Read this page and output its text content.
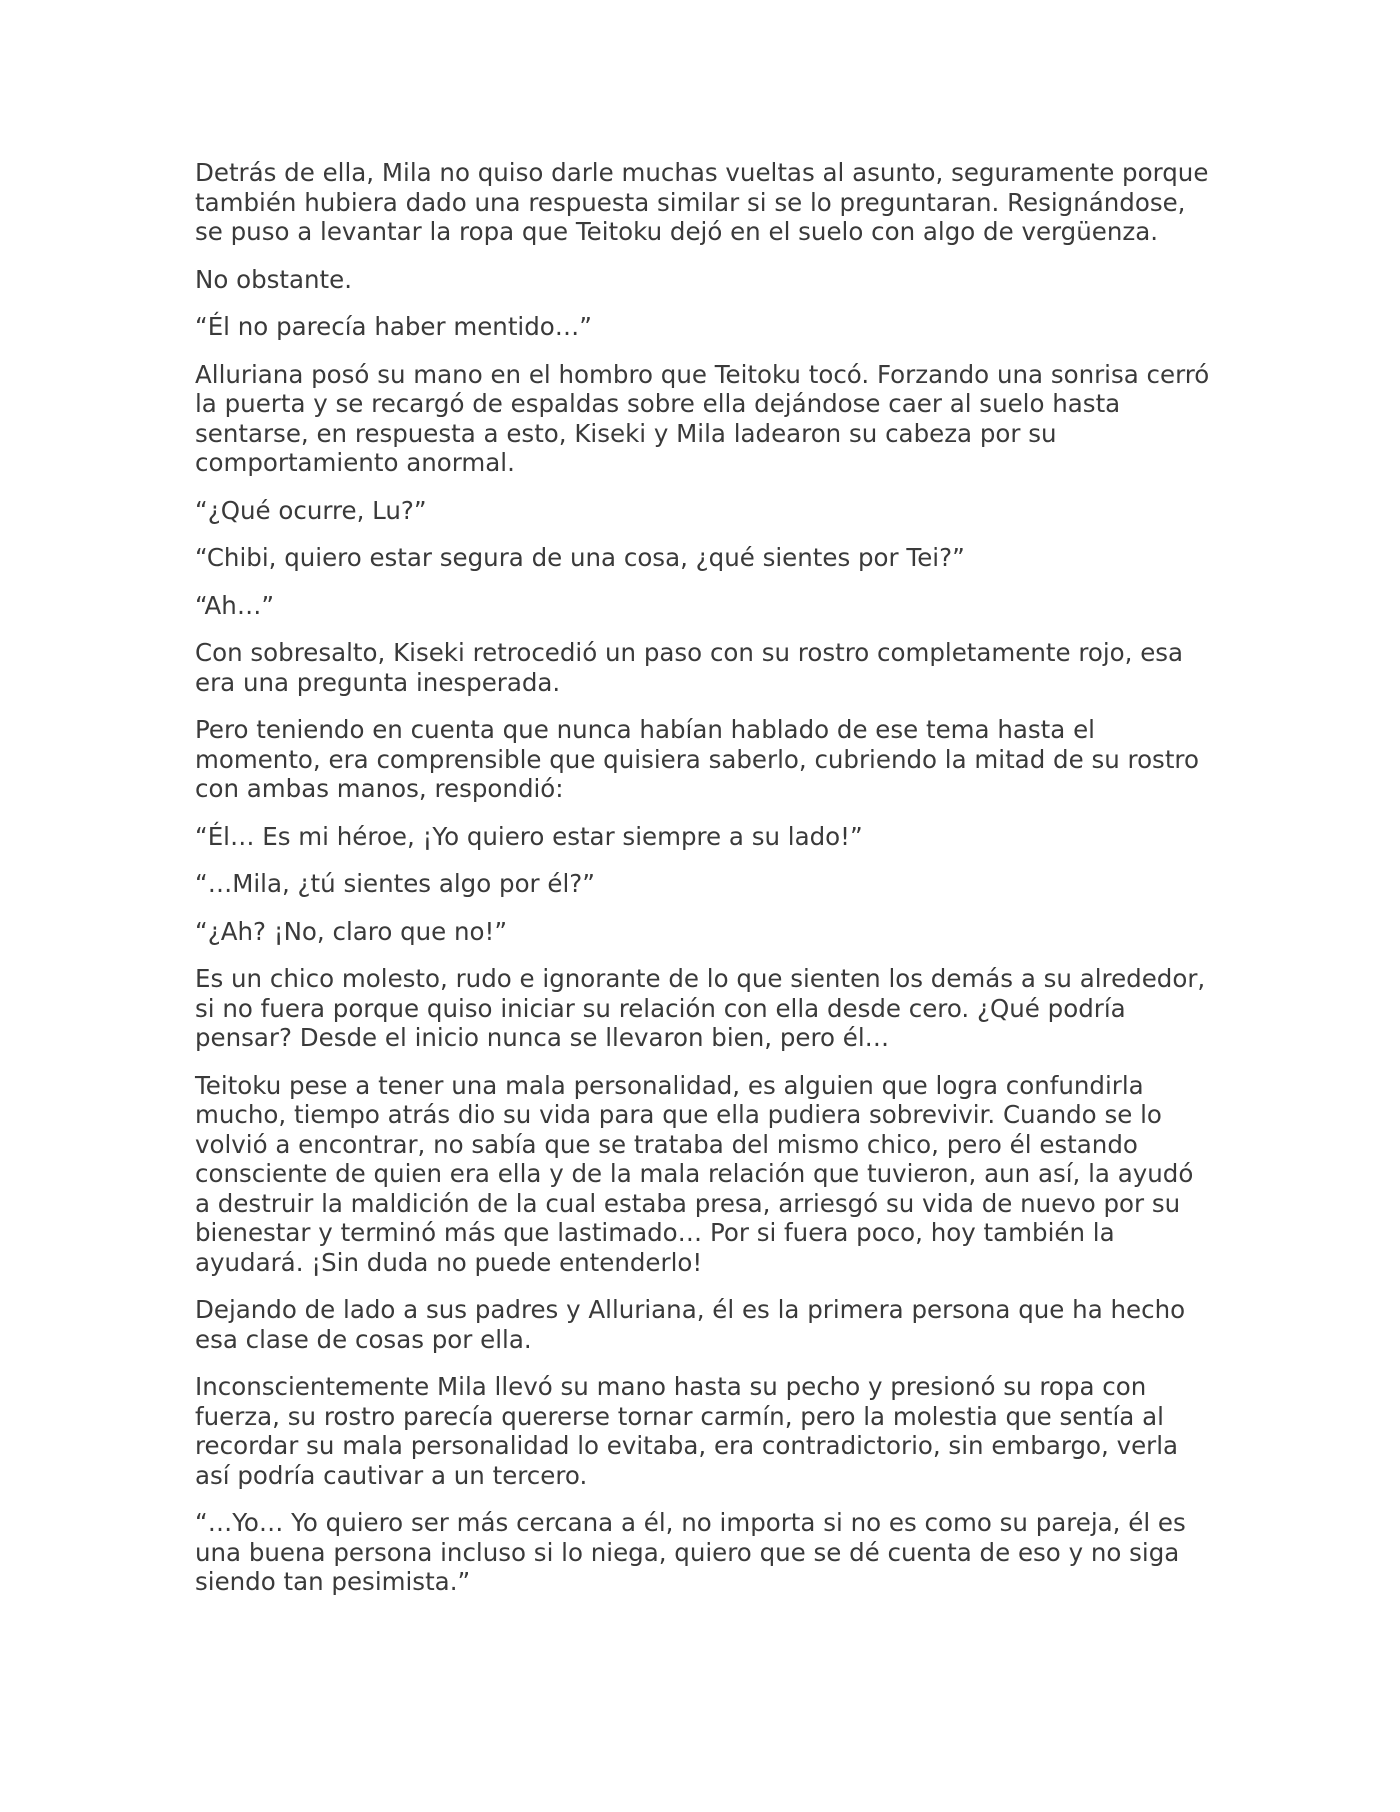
Detrás de ella, Mila no quiso darle muchas vueltas al asunto, seguramente porque también hubiera dado una respuesta similar si se lo preguntaran. Resignándose, se puso a levantar la ropa que Teitoku dejó en el suelo con algo de vergüenza.

No obstante.

“Él no parecía haber mentido…”

Alluriana posó su mano en el hombro que Teitoku tocó. Forzando una sonrisa cerró la puerta y se recargó de espaldas sobre ella dejándose caer al suelo hasta sentarse, en respuesta a esto, Kiseki y Mila ladearon su cabeza por su comportamiento anormal.

“¿Qué ocurre, Lu?”

“Chibi, quiero estar segura de una cosa, ¿qué sientes por Tei?”

“Ah…”

Con sobresalto, Kiseki retrocedió un paso con su rostro completamente rojo, esa era una pregunta inesperada.

Pero teniendo en cuenta que nunca habían hablado de ese tema hasta el momento, era comprensible que quisiera saberlo, cubriendo la mitad de su rostro con ambas manos, respondió:

“Él… Es mi héroe, ¡Yo quiero estar siempre a su lado!”

“…Mila, ¿tú sientes algo por él?”

“¿Ah? ¡No, claro que no!”

Es un chico molesto, rudo e ignorante de lo que sienten los demás a su alrededor, si no fuera porque quiso iniciar su relación con ella desde cero. ¿Qué podría pensar? Desde el inicio nunca se llevaron bien, pero él…

Teitoku pese a tener una mala personalidad, es alguien que logra confundirla mucho, tiempo atrás dio su vida para que ella pudiera sobrevivir. Cuando se lo volvió a encontrar, no sabía que se trataba del mismo chico, pero él estando consciente de quien era ella y de la mala relación que tuvieron, aun así, la ayudó a destruir la maldición de la cual estaba presa, arriesgó su vida de nuevo por su bienestar y terminó más que lastimado… Por si fuera poco, hoy también la ayudará. ¡Sin duda no puede entenderlo!

Dejando de lado a sus padres y Alluriana, él es la primera persona que ha hecho esa clase de cosas por ella.

Inconscientemente Mila llevó su mano hasta su pecho y presionó su ropa con fuerza, su rostro parecía quererse tornar carmín, pero la molestia que sentía al recordar su mala personalidad lo evitaba, era contradictorio, sin embargo, verla así podría cautivar a un tercero.

“…Yo… Yo quiero ser más cercana a él, no importa si no es como su pareja, él es una buena persona incluso si lo niega, quiero que se dé cuenta de eso y no siga siendo tan pesimista.”
